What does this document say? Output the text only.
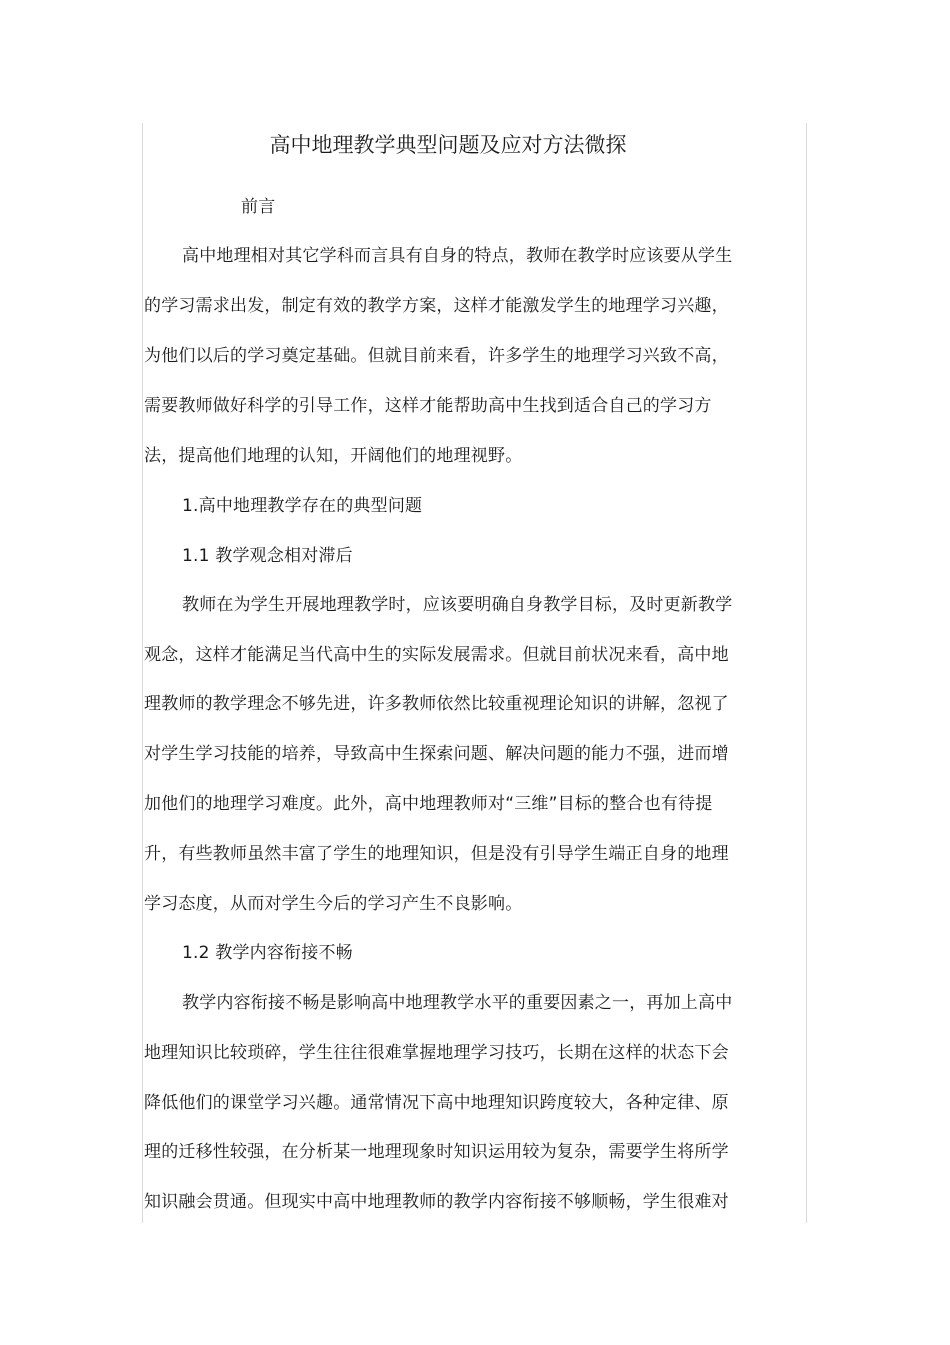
高中地理教学典型问题及应对方法微探
前言
高中地理相对其它学科而言具有自身的特点，教师在教学时应该要从学生
的学习需求出发，制定有效的教学方案，这样才能激发学生的地理学习兴趣，
为他们以后的学习奠定基础。但就目前来看，许多学生的地理学习兴致不高，
需要教师做好科学的引导工作，这样才能帮助高中生找到适合自己的学习方
法，提高他们地理的认知，开阔他们的地理视野。
1.高中地理教学存在的典型问题
1.1 教学观念相对滞后
教师在为学生开展地理教学时，应该要明确自身教学目标，及时更新教学
观念，这样才能满足当代高中生的实际发展需求。但就目前状况来看，高中地
理教师的教学理念不够先进，许多教师依然比较重视理论知识的讲解，忽视了
对学生学习技能的培养，导致高中生探索问题、解决问题的能力不强，进而增
加他们的地理学习难度。此外，高中地理教师对“三维”目标的整合也有待提
升，有些教师虽然丰富了学生的地理知识，但是没有引导学生端正自身的地理
学习态度，从而对学生今后的学习产生不良影响。
1.2 教学内容衔接不畅
教学内容衔接不畅是影响高中地理教学水平的重要因素之一，再加上高中
地理知识比较琐碎，学生往往很难掌握地理学习技巧，长期在这样的状态下会
降低他们的课堂学习兴趣。通常情况下高中地理知识跨度较大，各种定律、原
理的迁移性较强，在分析某一地理现象时知识运用较为复杂，需要学生将所学
知识融会贯通。但现实中高中地理教师的教学内容衔接不够顺畅，学生很难对
